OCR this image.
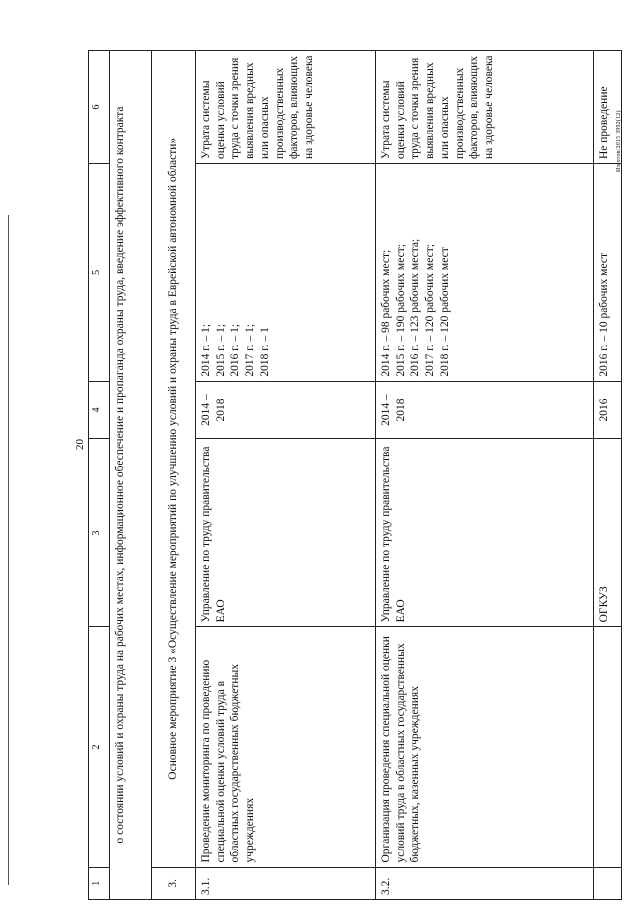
20
Изготов/2015 3992(12)
1	2	3	4	5	6
о состоянии условий и охраны труда на рабочих местах, информационное обеспечение и пропаганда охраны труда, введение эффективного контракта					
3.	Основное мероприятие 3 «Осуществление мероприятий по улучшению условий и охраны труда в Еврейской автономной области»				
3.1.	Проведение мониторинга по проведению специальной оценки условий труда в областных государственных бюджетных учреждениях	Управление по труду правительства ЕАО	2014 – 2018	2014 г. – 1; 2015 г. – 1; 2016 г. – 1; 2017 г. – 1; 2018 г. – 1	Утрата системы оценки условий труда с точки зрения выявления вредных или опасных производственных факторов, влияющих на здоровье человека
3.2.	Организация проведения специальной оценки условий труда в областных государственных бюджетных, казенных учреждениях	Управление по труду правительства ЕАО	2014 – 2018	2014 г. – 98 рабочих мест; 2015 г. – 190 рабочих мест; 2016 г. – 123 рабочих места; 2017 г. – 120 рабочих мест; 2018 г. – 120 рабочих мест	Утрата системы оценки условий труда с точки зрения выявления вредных или опасных производственных факторов, влияющих на здоровье человека
		ОГКУЗ	2016	2016 г. – 10 рабочих мест	Не проведение
